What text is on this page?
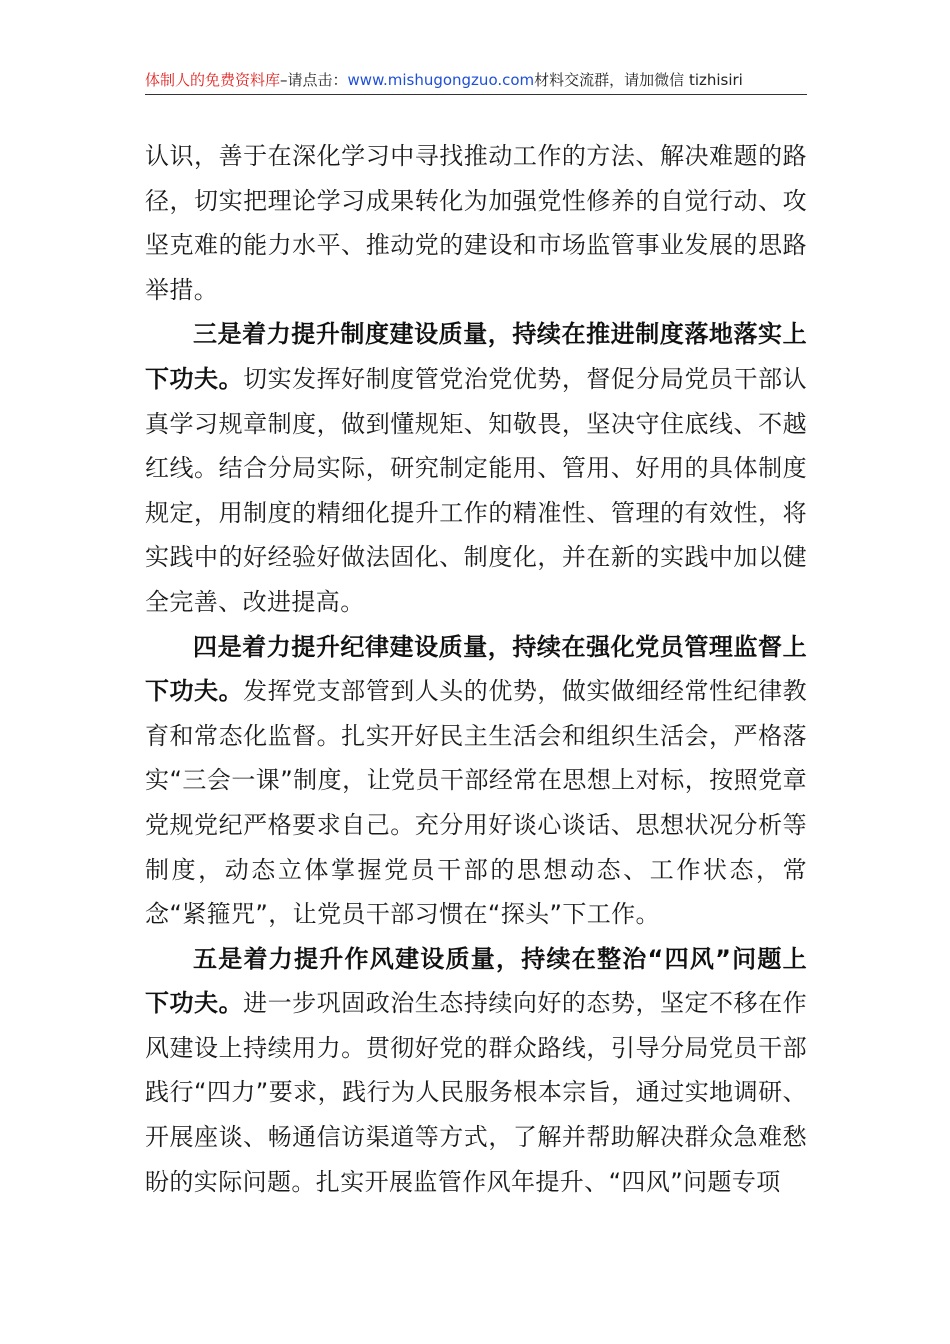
体制人的免费资料库–请点击：www.mishugongzuo.com材料交流群，请加微信 tizhisiri

认识，善于在深化学习中寻找推动工作的方法、解决难题的路径，切实把理论学习成果转化为加强党性修养的自觉行动、攻坚克难的能力水平、推动党的建设和市场监管事业发展的思路举措。

三是着力提升制度建设质量，持续在推进制度落地落实上下功夫。切实发挥好制度管党治党优势，督促分局党员干部认真学习规章制度，做到懂规矩、知敬畏，坚决守住底线、不越红线。结合分局实际，研究制定能用、管用、好用的具体制度规定，用制度的精细化提升工作的精准性、管理的有效性，将实践中的好经验好做法固化、制度化，并在新的实践中加以健全完善、改进提高。

四是着力提升纪律建设质量，持续在强化党员管理监督上下功夫。发挥党支部管到人头的优势，做实做细经常性纪律教育和常态化监督。扎实开好民主生活会和组织生活会，严格落实“三会一课”制度，让党员干部经常在思想上对标，按照党章党规党纪严格要求自己。充分用好谈心谈话、思想状况分析等制度，动态立体掌握党员干部的思想动态、工作状态，常念“紧箍咒”，让党员干部习惯在“探头”下工作。

五是着力提升作风建设质量，持续在整治“四风”问题上下功夫。进一步巩固政治生态持续向好的态势，坚定不移在作风建设上持续用力。贯彻好党的群众路线，引导分局党员干部践行“四力”要求，践行为人民服务根本宗旨，通过实地调研、开展座谈、畅通信访渠道等方式，了解并帮助解决群众急难愁盼的实际问题。扎实开展监管作风年提升、“四风”问题专项
